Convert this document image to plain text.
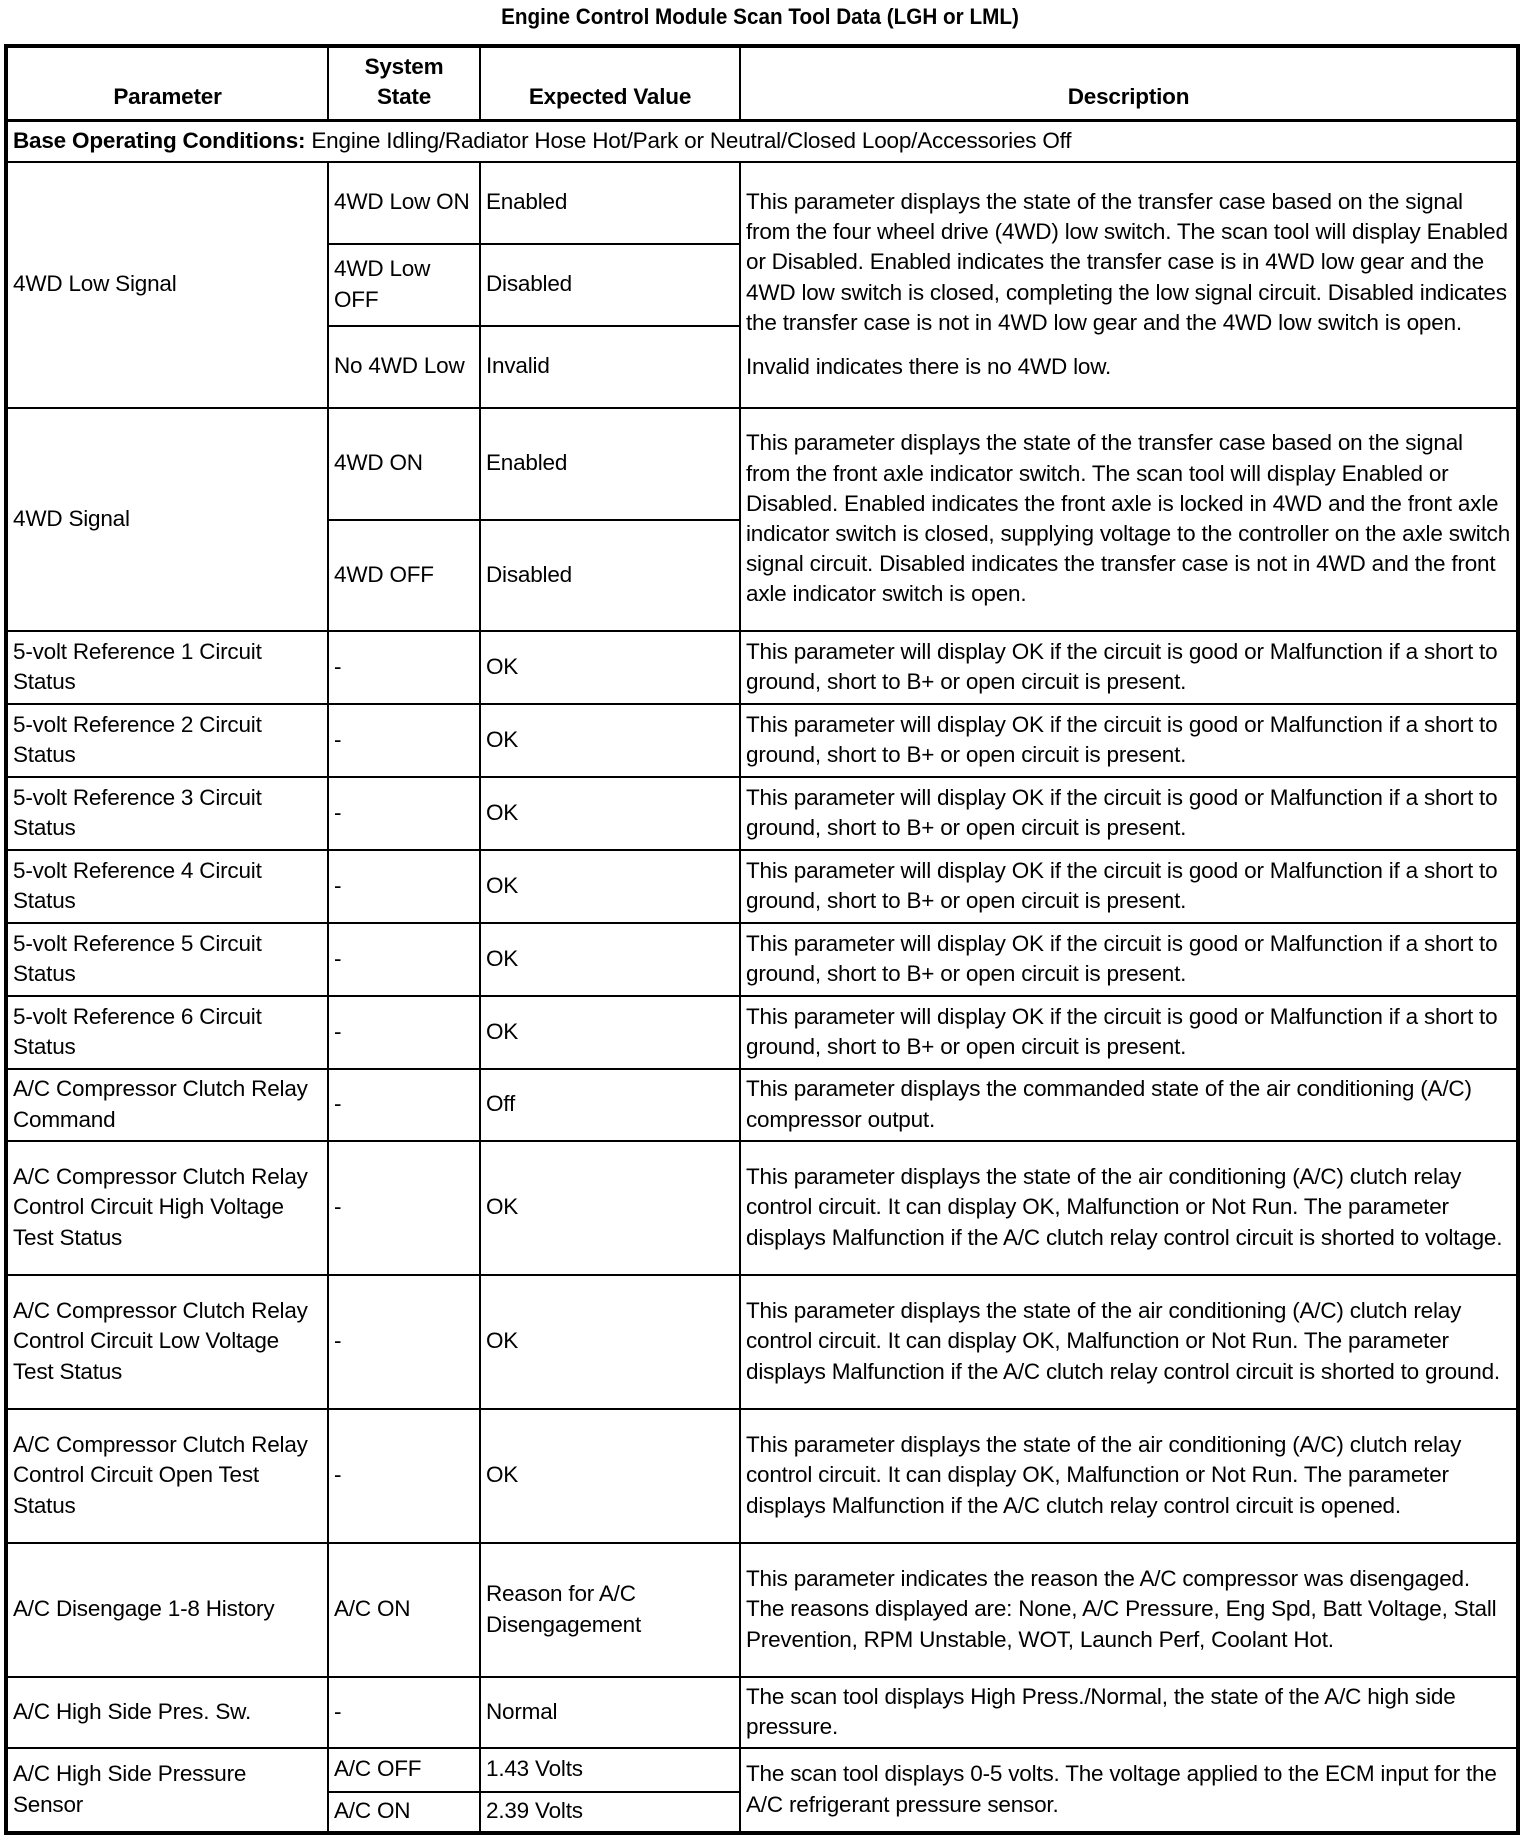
Engine Control Module Scan Tool Data (LGH or LML)
Parameter	System State	Expected Value	Description
Base Operating Conditions: Engine Idling/Radiator Hose Hot/Park or Neutral/Closed Loop/Accessories Off			
4WD Low Signal	4WD Low ON	Enabled	This parameter displays the state of the transfer case based on the signal from the four wheel drive (4WD) low switch. The scan tool will display Enabled or Disabled. Enabled indicates the transfer case is in 4WD low gear and the 4WD low switch is closed, completing the low signal circuit. Disabled indicates the transfer case is not in 4WD low gear and the 4WD low switch is open.

Invalid indicates there is no 4WD low.

	4WD Low OFF	Disabled	
	No 4WD Low	Invalid	
4WD Signal	4WD ON	Enabled	This parameter displays the state of the transfer case based on the signal from the front axle indicator switch. The scan tool will display Enabled or Disabled. Enabled indicates the front axle is locked in 4WD and the front axle indicator switch is closed, supplying voltage to the controller on the axle switch signal circuit. Disabled indicates the transfer case is not in 4WD and the front axle indicator switch is open.
	4WD OFF	Disabled	
5-volt Reference 1 Circuit Status	-	OK	This parameter will display OK if the circuit is good or Malfunction if a short to ground, short to B+ or open circuit is present.
5-volt Reference 2 Circuit Status	-	OK	This parameter will display OK if the circuit is good or Malfunction if a short to ground, short to B+ or open circuit is present.
5-volt Reference 3 Circuit Status	-	OK	This parameter will display OK if the circuit is good or Malfunction if a short to ground, short to B+ or open circuit is present.
5-volt Reference 4 Circuit Status	-	OK	This parameter will display OK if the circuit is good or Malfunction if a short to ground, short to B+ or open circuit is present.
5-volt Reference 5 Circuit Status	-	OK	This parameter will display OK if the circuit is good or Malfunction if a short to ground, short to B+ or open circuit is present.
5-volt Reference 6 Circuit Status	-	OK	This parameter will display OK if the circuit is good or Malfunction if a short to ground, short to B+ or open circuit is present.
A/C Compressor Clutch Relay Command	-	Off	This parameter displays the commanded state of the air conditioning (A/C) compressor output.
A/C Compressor Clutch Relay Control Circuit High Voltage Test Status	-	OK	This parameter displays the state of the air conditioning (A/C) clutch relay control circuit. It can display OK, Malfunction or Not Run. The parameter displays Malfunction if the A/C clutch relay control circuit is shorted to voltage.
A/C Compressor Clutch Relay Control Circuit Low Voltage Test Status	-	OK	This parameter displays the state of the air conditioning (A/C) clutch relay control circuit. It can display OK, Malfunction or Not Run. The parameter displays Malfunction if the A/C clutch relay control circuit is shorted to ground.
A/C Compressor Clutch Relay Control Circuit Open Test Status	-	OK	This parameter displays the state of the air conditioning (A/C) clutch relay control circuit. It can display OK, Malfunction or Not Run. The parameter displays Malfunction if the A/C clutch relay control circuit is opened.
A/C Disengage 1-8 History	A/C ON	Reason for A/C Disengagement	This parameter indicates the reason the A/C compressor was disengaged. The reasons displayed are: None, A/C Pressure, Eng Spd, Batt Voltage, Stall Prevention, RPM Unstable, WOT, Launch Perf, Coolant Hot.
A/C High Side Pres. Sw.	-	Normal	The scan tool displays High Press./Normal, the state of the A/C high side pressure.
A/C High Side Pressure Sensor	A/C OFF	1.43 Volts	The scan tool displays 0-5 volts. The voltage applied to the ECM input for the A/C refrigerant pressure sensor.
	A/C ON	2.39 Volts	
